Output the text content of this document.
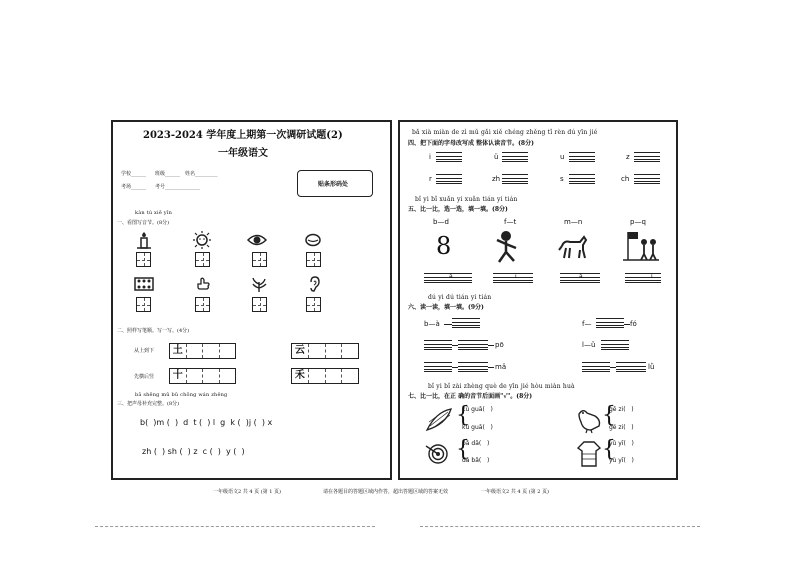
2023-2024 学年度上期第一次调研试题(2)
一年级语文
学校______ 班级______ 姓名_________
考场______ 考号______________	贴条形码处
kàn tú xiě yīn
一、看图写音节。(8分)
二、照样写笔顺。写一写。(4分)
从上到下 土	云
先横后竖 十	禾
bǎ shēng mǔ bǔ chōng wán zhěng
三、把声母补充完整。(8分)
b(  )m (  )  d  t (  ) l  g  k (  )j (  ) x
zh (  ) sh (  ) z  c (  )  y (  )
bǎ xià miàn de zì mǔ gǎi xiě chéng zhěng tǐ rèn dú yīn jié
四、把下面的字母改写成 整体认读音节。(8分)
i	ü	u	z
r	zh	s	ch
bǐ yi bǐ xuǎn yi xuǎn tián yi tián
五、比一比，选一选，填一填。(8分)
b—d	f—t	m—n	p—q
8
à	ī	ǎ	í
dú yi dú tián yi tián
六、读一读，填一填。(9分)
b—à	f—	fó
pō	l—ǔ
mǎ	lǜ
bǐ yi bǐ zài zhèng què de yīn jié hòu miàn huà
七、比一比，在正 确的音节后面画"√"。(8分)
{
kǔ guā(   )
kū guā(   )	{
gē zi(   )
gé zi(   )
{
bǎ dā(   )
dǎ bǎ(   )	{
yǔ yī(   )
yù yī(   )
一年级语文2 共 4 页 (第 1 页)	请在各题目的答题区域内作答，超出答题区域的答案无效	一年级语文2 共 4 页 (第 2 页)
